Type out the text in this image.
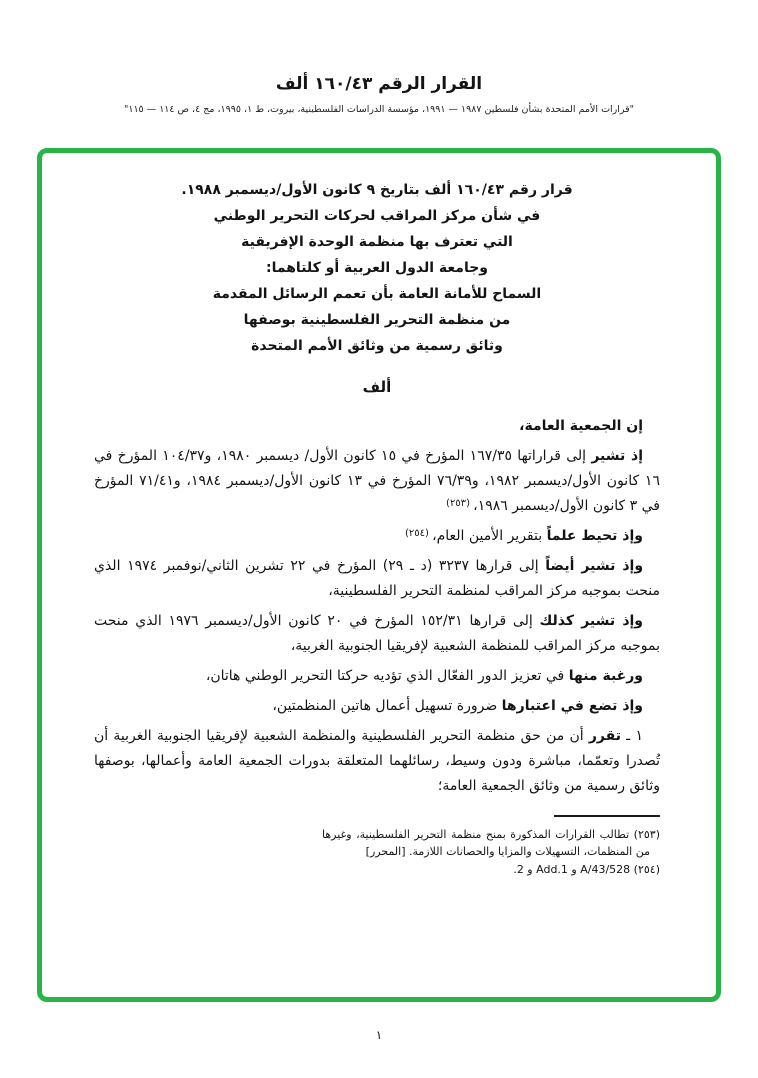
القرار الرقم ١٦٠/٤٣ ألف
"قرارات الأمم المتحدة بشأن فلسطين ١٩٨٧ — ١٩٩١، مؤسسة الدراسات الفلسطينية، بيروت، ط ١، ١٩٩٥، مج ٤، ص ١١٤ — ١١٥"
قرار رقم ١٦٠/٤٣ ألف بتاريخ ٩ كانون الأول/ديسمبر ١٩٨٨.
في شأن مركز المراقب لحركات التحرير الوطني
التي تعترف بها منظمة الوحدة الإفريقية
وجامعة الدول العربية أو كلتاهما:
السماح للأمانة العامة بأن تعمم الرسائل المقدمة
من منظمة التحرير الفلسطينية بوصفها
وثائق رسمية من وثائق الأمم المتحدة
ألف

إن الجمعية العامة،

إذ تشير إلى قراراتها ١٦٧/٣٥ المؤرخ في ١٥ كانون الأول/ ديسمبر ١٩٨٠، و١٠٤/٣٧ المؤرخ في ١٦ كانون الأول/ديسمبر ١٩٨٢، و٧٦/٣٩ المؤرخ في ١٣ كانون الأول/ديسمبر ١٩٨٤، و٧١/٤١ المؤرخ في ٣ كانون الأول/ديسمبر ١٩٨٦، $^{(٢٥٣)}$

وإذ تحيط علماً بتقرير الأمين العام، $^{(٢٥٤)}$

وإذ تشير أيضاً إلى قرارها ٣٢٣٧ (د ـ ٢٩) المؤرخ في ٢٢ تشرين الثاني/نوفمبر ١٩٧٤ الذي منحت بموجبه مركز المراقب لمنظمة التحرير الفلسطينية،

وإذ تشير كذلك إلى قرارها ١٥٢/٣١ المؤرخ في ٢٠ كانون الأول/ديسمبر ١٩٧٦ الذي منحت بموجبه مركز المراقب للمنظمة الشعبية لإفريقيا الجنوبية الغربية،

ورغبة منها في تعزيز الدور الفعّال الذي تؤديه حركتا التحرير الوطني هاتان،

وإذ تضع في اعتبارها ضرورة تسهيل أعمال هاتين المنظمتين،

١ ـ تقرر أن من حق منظمة التحرير الفلسطينية والمنظمة الشعبية لإفريقيا الجنوبية الغربية أن تُصدرا وتعمّما، مباشرة ودون وسيط، رسائلهما المتعلقة بدورات الجمعية العامة وأعمالها، بوصفها وثائق رسمية من وثائق الجمعية العامة؛

(٢٥٣) تطالب القرارات المذكورة بمنح منظمة التحرير الفلسطينية، وغيرها من المنظمات، التسهيلات والمزايا والحصانات اللازمة. [المحرر]

(٢٥٤) A/43/528 و Add.1 و 2.

١
